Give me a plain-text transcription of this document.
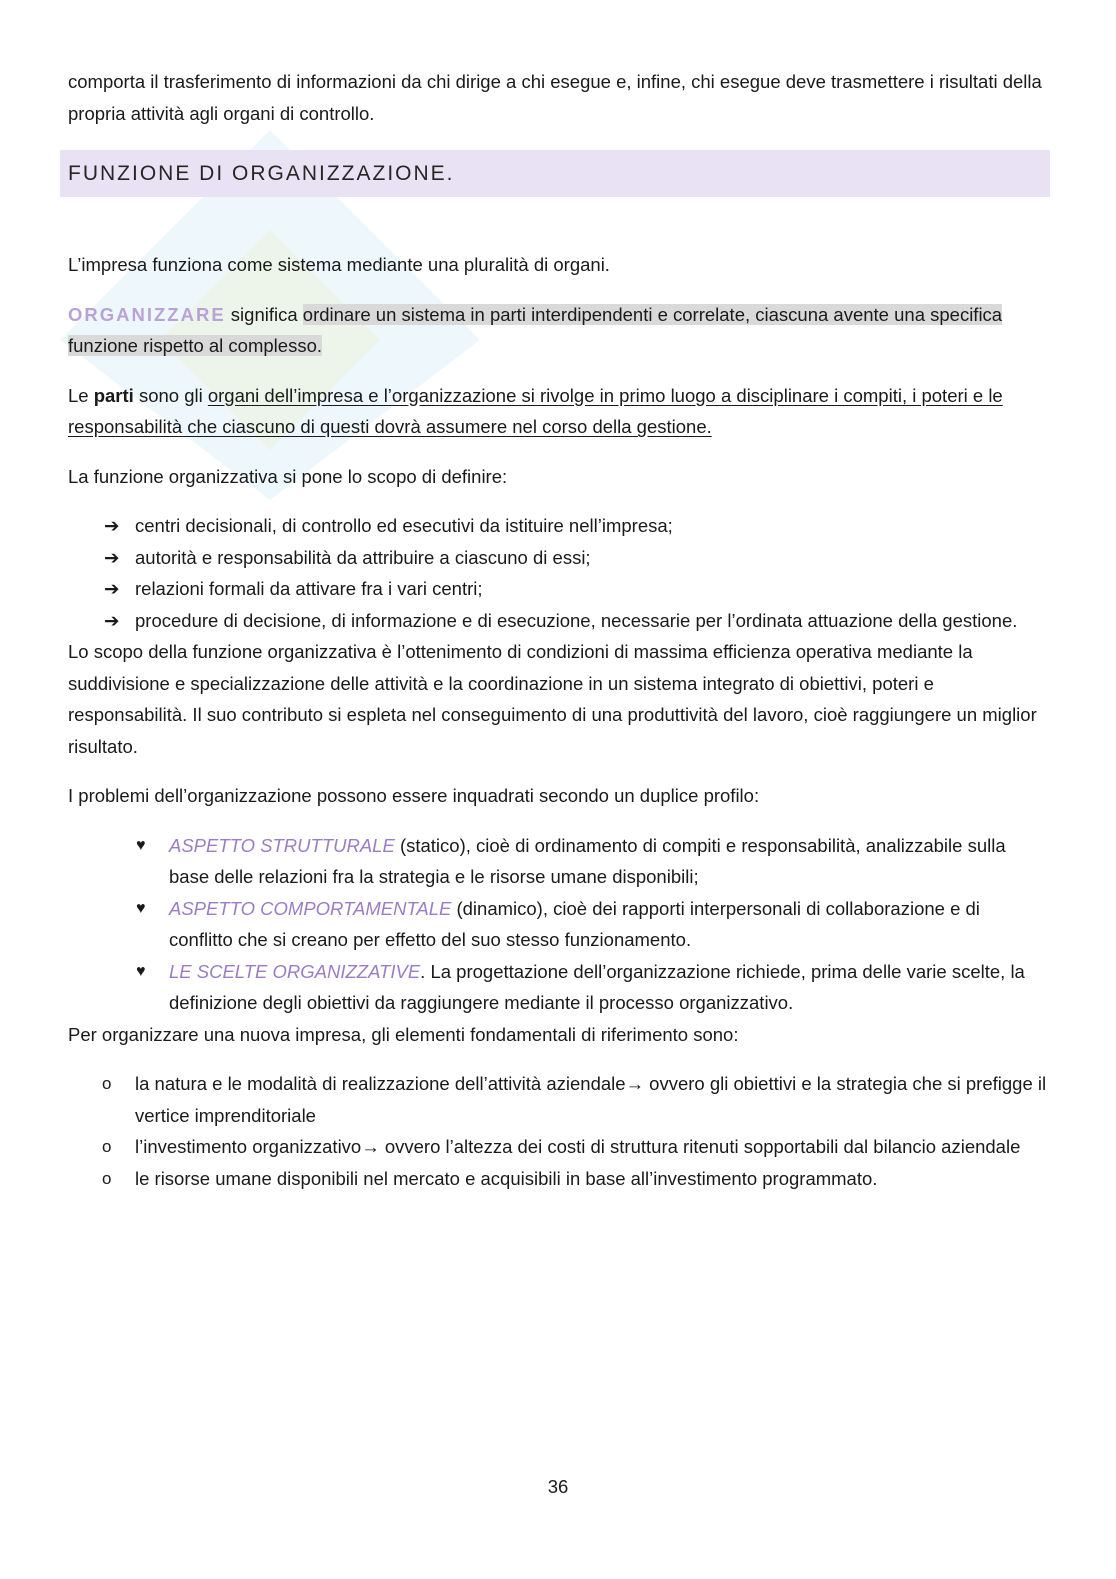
FUNZIONE DI ORGANIZZAZIONE.

comporta il trasferimento di informazioni da chi dirige a chi esegue e, infine, chi esegue deve trasmettere i risultati della propria attività agli organi di controllo.

L’impresa funziona come sistema mediante una pluralità di organi.

ORGANIZZARE significa ordinare un sistema in parti interdipendenti e correlate, ciascuna avente una specifica funzione rispetto al complesso.

Le parti sono gli organi dell’impresa e l’organizzazione si rivolge in primo luogo a disciplinare i compiti, i poteri e le responsabilità che ciascuno di questi dovrà assumere nel corso della gestione.

La funzione organizzativa si pone lo scopo di definire:

➔ centri decisionali, di controllo ed esecutivi da istituire nell’impresa;
➔ autorità e responsabilità da attribuire a ciascuno di essi;
➔ relazioni formali da attivare fra i vari centri;
➔ procedure di decisione, di informazione e di esecuzione, necessarie per l’ordinata attuazione della gestione.

Lo scopo della funzione organizzativa è l’ottenimento di condizioni di massima efficienza operativa mediante la suddivisione e specializzazione delle attività e la coordinazione in un sistema integrato di obiettivi, poteri e responsabilità. Il suo contributo si espleta nel conseguimento di una produttività del lavoro, cioè raggiungere un miglior risultato.

I problemi dell’organizzazione possono essere inquadrati secondo un duplice profilo:

♥ ASPETTO STRUTTURALE (statico), cioè di ordinamento di compiti e responsabilità, analizzabile sulla base delle relazioni fra la strategia e le risorse umane disponibili;
♥ ASPETTO COMPORTAMENTALE (dinamico), cioè dei rapporti interpersonali di collaborazione e di conflitto che si creano per effetto del suo stesso funzionamento.
♥ LE SCELTE ORGANIZZATIVE. La progettazione dell’organizzazione richiede, prima delle varie scelte, la definizione degli obiettivi da raggiungere mediante il processo organizzativo.

Per organizzare una nuova impresa, gli elementi fondamentali di riferimento sono:

o la natura e le modalità di realizzazione dell’attività aziendale→ ovvero gli obiettivi e la strategia che si prefigge il vertice imprenditoriale
o l’investimento organizzativo→ ovvero l’altezza dei costi di struttura ritenuti sopportabili dal bilancio aziendale
o le risorse umane disponibili nel mercato e acquisibili in base all’investimento programmato.
36
